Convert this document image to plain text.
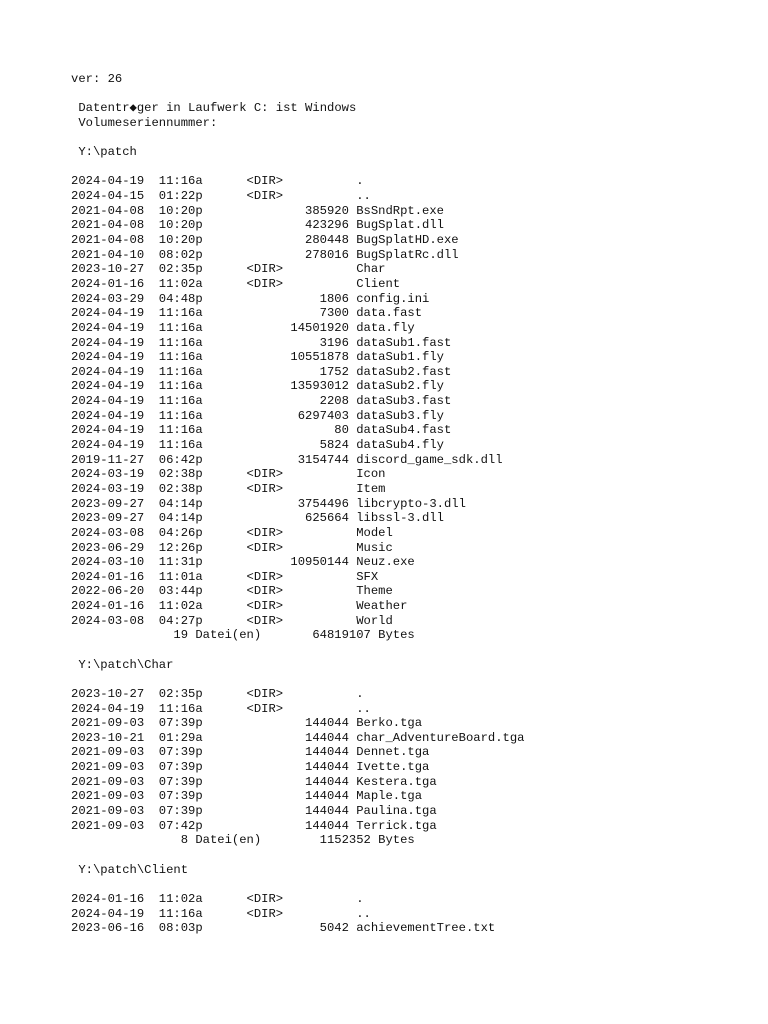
ver: 26
Datentr◆ger in Laufwerk C: ist Windows
Volumeseriennummer:
Y:\patch
2024-04-19  11:16a      <DIR>          .
2024-04-15  01:22p      <DIR>          ..
2021-04-08  10:20p              385920 BsSndRpt.exe
2021-04-08  10:20p              423296 BugSplat.dll
2021-04-08  10:20p              280448 BugSplatHD.exe
2021-04-10  08:02p              278016 BugSplatRc.dll
2023-10-27  02:35p      <DIR>          Char
2024-01-16  11:02a      <DIR>          Client
2024-03-29  04:48p                1806 config.ini
2024-04-19  11:16a                7300 data.fast
2024-04-19  11:16a            14501920 data.fly
2024-04-19  11:16a                3196 dataSub1.fast
2024-04-19  11:16a            10551878 dataSub1.fly
2024-04-19  11:16a                1752 dataSub2.fast
2024-04-19  11:16a            13593012 dataSub2.fly
2024-04-19  11:16a                2208 dataSub3.fast
2024-04-19  11:16a             6297403 dataSub3.fly
2024-04-19  11:16a                  80 dataSub4.fast
2024-04-19  11:16a                5824 dataSub4.fly
2019-11-27  06:42p             3154744 discord_game_sdk.dll
2024-03-19  02:38p      <DIR>          Icon
2024-03-19  02:38p      <DIR>          Item
2023-09-27  04:14p             3754496 libcrypto-3.dll
2023-09-27  04:14p              625664 libssl-3.dll
2024-03-08  04:26p      <DIR>          Model
2023-06-29  12:26p      <DIR>          Music
2024-03-10  11:31p            10950144 Neuz.exe
2024-01-16  11:01a      <DIR>          SFX
2022-06-20  03:44p      <DIR>          Theme
2024-01-16  11:02a      <DIR>          Weather
2024-03-08  04:27p      <DIR>          World
19 Datei(en)       64819107 Bytes
Y:\patch\Char
2023-10-27  02:35p      <DIR>          .
2024-04-19  11:16a      <DIR>          ..
2021-09-03  07:39p              144044 Berko.tga
2023-10-21  01:29a              144044 char_AdventureBoard.tga
2021-09-03  07:39p              144044 Dennet.tga
2021-09-03  07:39p              144044 Ivette.tga
2021-09-03  07:39p              144044 Kestera.tga
2021-09-03  07:39p              144044 Maple.tga
2021-09-03  07:39p              144044 Paulina.tga
2021-09-03  07:42p              144044 Terrick.tga
8 Datei(en)        1152352 Bytes
Y:\patch\Client
2024-01-16  11:02a      <DIR>          .
2024-04-19  11:16a      <DIR>          ..
2023-06-16  08:03p                5042 achievementTree.txt
